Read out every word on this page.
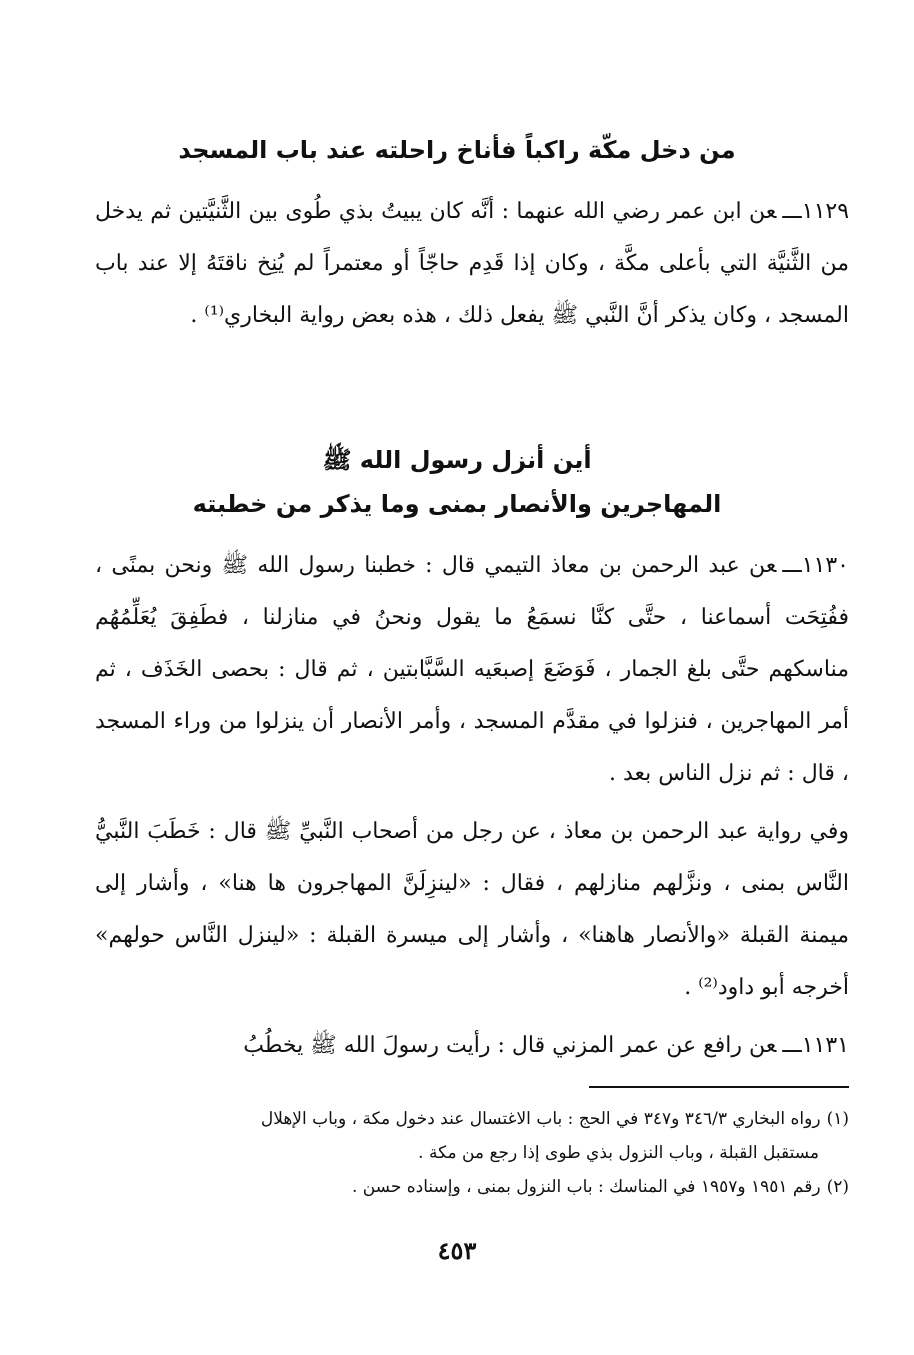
من دخل مكّة راكباً فأناخ راحلته عند باب المسجد
١١٢٩ـــعن ابن عمر رضي الله عنهما : أنَّه كان يبيتُ بذي طُوى بين الثَّنيَّتين ثم يدخل من الثَّنيَّة التي بأعلى مكَّة ، وكان إذا قَدِم حاجّاً أو معتمراً لم يُنِخ ناقتَهُ إلا عند باب المسجد ، وكان يذكر أنَّ النَّبي ﷺ يفعل ذلك ، هذه بعض رواية البخاري⁽¹⁾ .
أين أنزل رسول الله ﷺ
المهاجرين والأنصار بمنى وما يذكر من خطبته
١١٣٠ـــعن عبد الرحمن بن معاذ التيمي قال : خطبنا رسول الله ﷺ ونحن بمنًى ، ففُتِحَت أسماعنا ، حتَّى كنَّا نسمَعُ ما يقول ونحنُ في منازلنا ، فطَفِقَ يُعَلِّمُهُم مناسكهم حتَّى بلغ الجمار ، فَوَضَعَ إصبعَيه السَّبَّابتين ، ثم قال : بحصى الخَذَف ، ثم أمر المهاجرين ، فنزلوا في مقدَّم المسجد ، وأمر الأنصار أن ينزلوا من وراء المسجد ، قال : ثم نزل الناس بعد .
وفي رواية عبد الرحمن بن معاذ ، عن رجل من أصحاب النَّبيِّ ﷺ قال : خَطَبَ النَّبيُّ النَّاس بمنى ، ونزَّلهم منازلهم ، فقال : «لينزِلَنَّ المهاجرون ها هنا» ، وأشار إلى ميمنة القبلة «والأنصار هاهنا» ، وأشار إلى ميسرة القبلة : «لينزل النَّاس حولهم» أخرجه أبو داود⁽²⁾ .
١١٣١ـــعن رافع عن عمر المزني قال : رأيت رسولَ الله ﷺ يخطُبُ

(١)رواه البخاري ٣٤٦/٣ و٣٤٧ في الحج : باب الاغتسال عند دخول مكة ، وباب الإهلال

مستقبل القبلة ، وباب النزول بذي طوى إذا رجع من مكة .

(٢)رقم ١٩٥١ و١٩٥٧ في المناسك : باب النزول بمنى ، وإسناده حسن .

٤٥٣
